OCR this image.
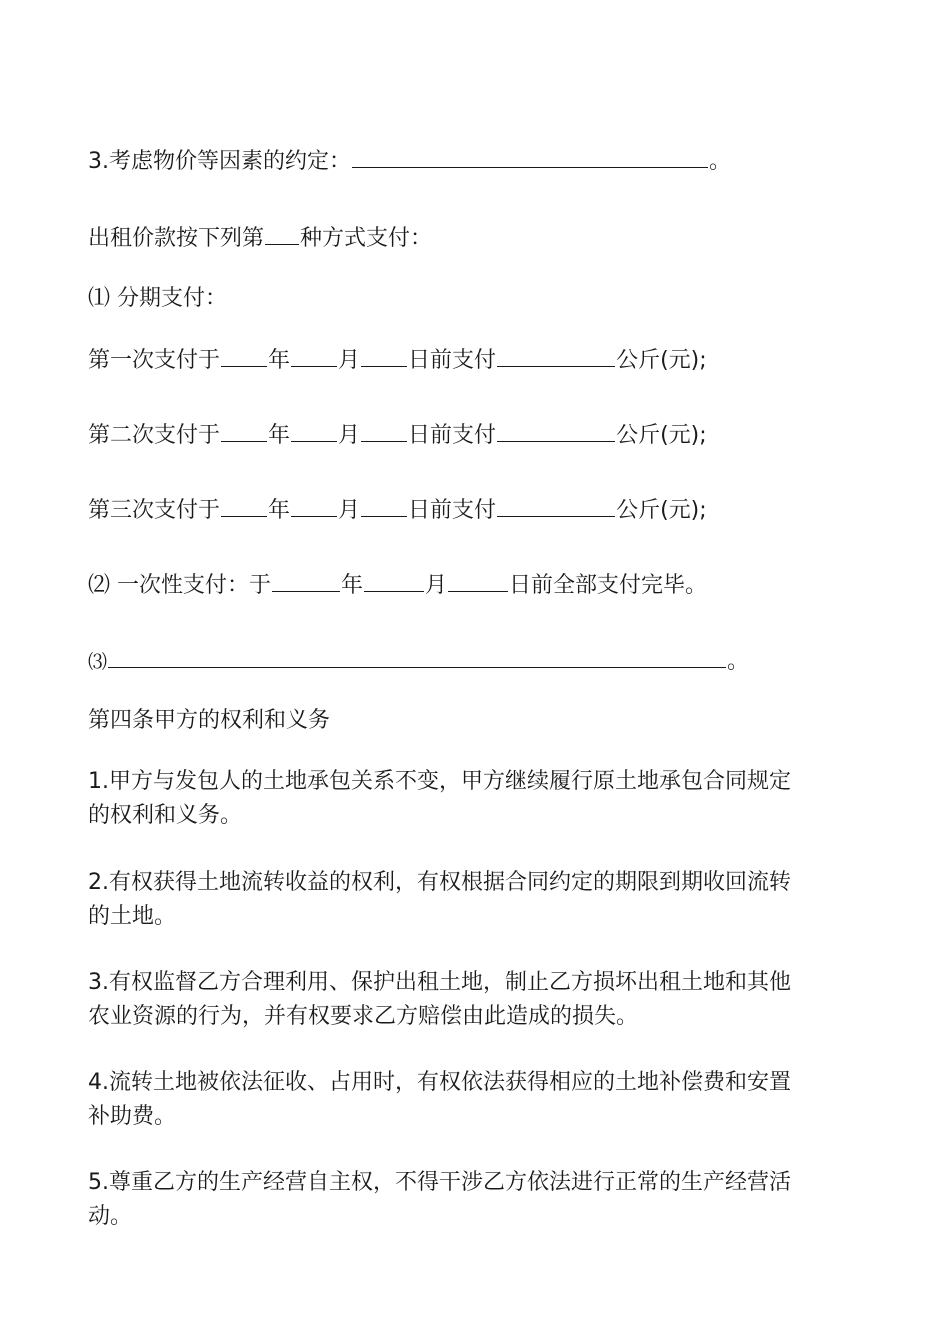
3.考虑物价等因素的约定：	。
出租价款按下列第 种方式支付：
⑴ 分期支付：
第一次支付于 年 月 日前支付	公斤(元);
第二次支付于 年 月 日前支付	公斤(元);
第三次支付于 年 月 日前支付	公斤(元);
⑵ 一次性支付：于	年	月	日前全部支付完毕。
⑶	。
第四条甲方的权利和义务
1.甲方与发包人的土地承包关系不变，甲方继续履行原土地承包合同规定
的权利和义务。
2.有权获得土地流转收益的权利，有权根据合同约定的期限到期收回流转
的土地。
3.有权监督乙方合理利用、保护出租土地，制止乙方损坏出租土地和其他
农业资源的行为，并有权要求乙方赔偿由此造成的损失。
4.流转土地被依法征收、占用时，有权依法获得相应的土地补偿费和安置
补助费。
5.尊重乙方的生产经营自主权，不得干涉乙方依法进行正常的生产经营活
动。
